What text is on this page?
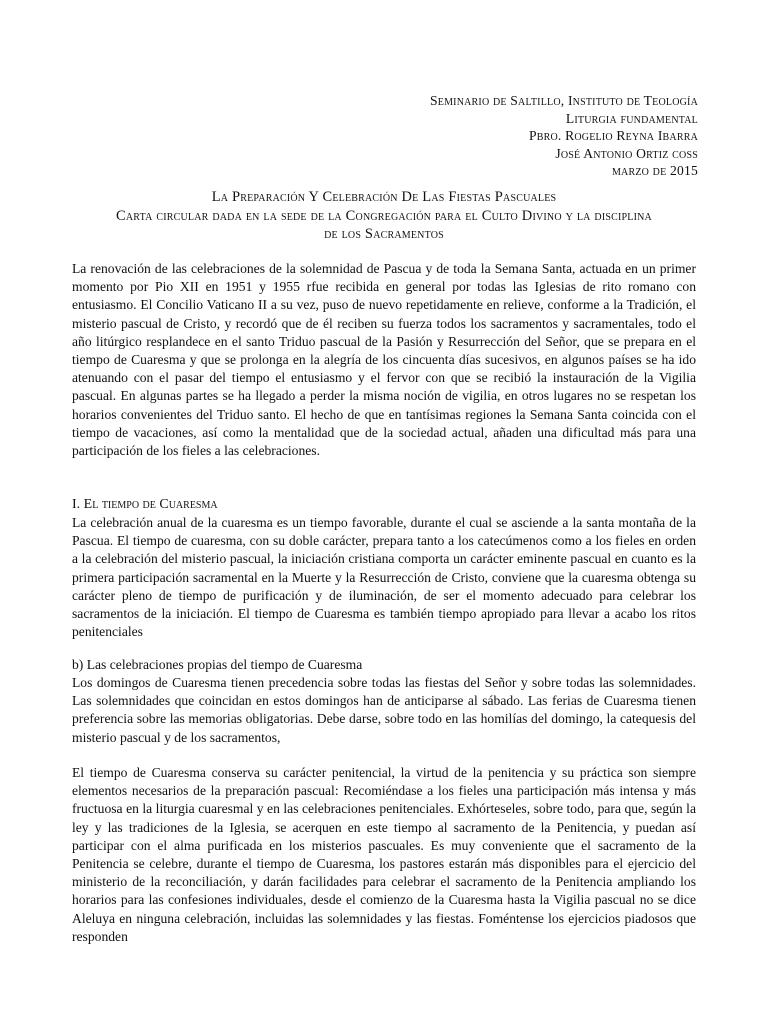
Seminario de Saltillo, Instituto de Teología
Liturgia fundamental
Pbro. Rogelio Reyna Ibarra
José Antonio Ortiz coss
marzo de 2015
La Preparación Y Celebración De Las Fiestas Pascuales
Carta circular dada en la sede de la Congregación para el Culto Divino y la disciplina
de los Sacramentos
La renovación de las celebraciones de la solemnidad de Pascua y de toda la Semana Santa, actuada en un primer momento por Pio XII en 1951 y 1955 rfue recibida en general por todas las Iglesias de rito romano con entusiasmo. El Concilio Vaticano II a su vez, puso de nuevo repetidamente en relieve, conforme a la Tradición, el misterio pascual de Cristo, y recordó que de él reciben su fuerza todos los sacramentos y sacramentales, todo el año litúrgico resplandece en el santo Triduo pascual de la Pasión y Resurrección del Señor, que se prepara en el tiempo de Cuaresma y que se prolonga en la alegría de los cincuenta días sucesivos, en algunos países se ha ido atenuando con el pasar del tiempo el entusiasmo y el fervor con que se recibió la instauración de la Vigilia pascual. En algunas partes se ha llegado a perder la misma noción de vigilia, en otros lugares no se respetan los horarios convenientes del Triduo santo. El hecho de que en tantísimas regiones la Semana Santa coincida con el tiempo de vacaciones, así como la mentalidad que de la sociedad actual, añaden una dificultad más para una participación de los fieles a las celebraciones.
I. El tiempo de Cuaresma
La celebración anual de la cuaresma es un tiempo favorable, durante el cual se asciende a la santa montaña de la Pascua. El tiempo de cuaresma, con su doble carácter, prepara tanto a los catecúmenos como a los fieles en orden a la celebración del misterio pascual, la iniciación cristiana comporta un carácter eminente pascual en cuanto es la primera participación sacramental en la Muerte y la Resurrección de Cristo, conviene que la cuaresma obtenga su carácter pleno de tiempo de purificación y de iluminación, de ser el momento adecuado para celebrar los sacramentos de la iniciación. El tiempo de Cuaresma es también tiempo apropiado para llevar a acabo los ritos penitenciales
b) Las celebraciones propias del tiempo de Cuaresma
Los domingos de Cuaresma tienen precedencia sobre todas las fiestas del Señor y sobre todas las solemnidades. Las solemnidades que coincidan en estos domingos han de anticiparse al sábado. Las ferias de Cuaresma tienen preferencia sobre las memorias obligatorias. Debe darse, sobre todo en las homilías del domingo, la catequesis del misterio pascual y de los sacramentos,
El tiempo de Cuaresma conserva su carácter penitencial, la virtud de la penitencia y su práctica son siempre elementos necesarios de la preparación pascual: Recomiéndase a los fieles una participación más intensa y más fructuosa en la liturgia cuaresmal y en las celebraciones penitenciales. Exhórteseles, sobre todo, para que, según la ley y las tradiciones de la Iglesia, se acerquen en este tiempo al sacramento de la Penitencia, y puedan así participar con el alma purificada en los misterios pascuales. Es muy conveniente que el sacramento de la Penitencia se celebre, durante el tiempo de Cuaresma, los pastores estarán más disponibles para el ejercicio del ministerio de la reconciliación, y darán facilidades para celebrar el sacramento de la Penitencia ampliando los horarios para las confesiones individuales, desde el comienzo de la Cuaresma hasta la Vigilia pascual no se dice Aleluya en ninguna celebración, incluidas las solemnidades y las fiestas. Foméntense los ejercicios piadosos que responden
